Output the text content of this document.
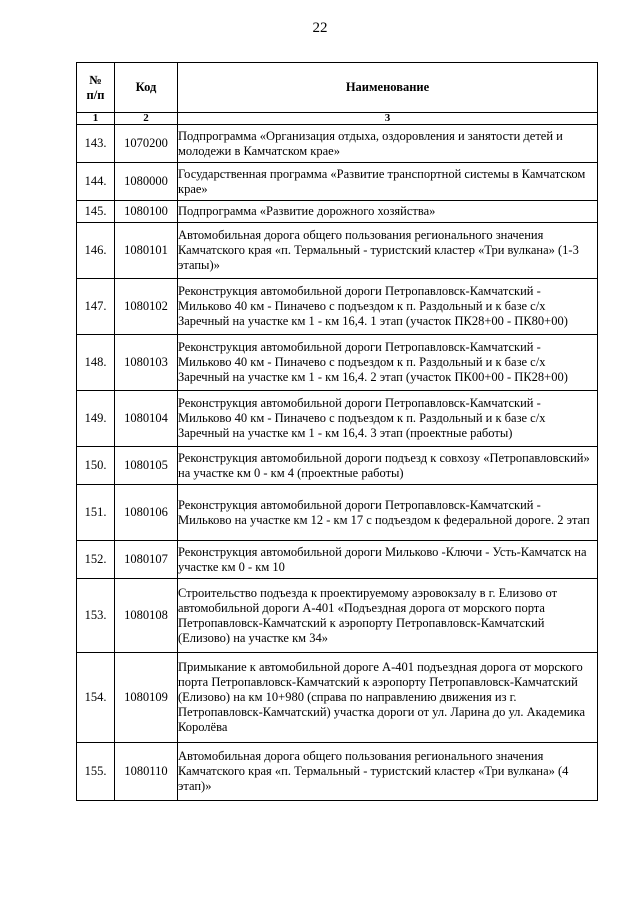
22
№
п/п	Код	Наименование
1	2	3
143.	1070200	Подпрограмма «Организация отдыха, оздоровления и занятости детей и молодежи в Камчатском крае»
144.	1080000	Государственная программа «Развитие транспортной системы в Камчатском крае»
145.	1080100	Подпрограмма «Развитие дорожного хозяйства»
146.	1080101	Автомобильная дорога общего пользования регионального значения Камчатского края «п. Термальный - туристский кластер «Три вулкана» (1-3 этапы)»
147.	1080102	Реконструкция автомобильной дороги Петропавловск-Камчатский - Мильково 40 км - Пиначево с подъездом к п. Раздольный и к базе с/х Заречный на участке км 1 - км 16,4. 1 этап (участок ПК28+00 - ПК80+00)
148.	1080103	Реконструкция автомобильной дороги Петропавловск-Камчатский - Мильково 40 км - Пиначево с подъездом к п. Раздольный и к базе с/х Заречный на участке км 1 - км 16,4. 2 этап (участок ПК00+00 - ПК28+00)
149.	1080104	Реконструкция автомобильной дороги Петропавловск-Камчатский - Мильково 40 км - Пиначево с подъездом к п. Раздольный и к базе с/х Заречный на участке км 1 - км 16,4. 3 этап (проектные работы)
150.	1080105	Реконструкция автомобильной дороги подъезд к совхозу «Петропавловский» на участке км 0 - км 4 (проектные работы)
151.	1080106	Реконструкция автомобильной дороги Петропавловск-Камчатский - Мильково на участке км 12 - км 17 с подъездом к федеральной дороге. 2 этап
152.	1080107	Реконструкция автомобильной дороги Мильково -Ключи - Усть-Камчатск на участке км 0 - км 10
153.	1080108	Строительство подъезда к проектируемому аэровокзалу в г. Елизово от автомобильной дороги А-401 «Подъездная дорога от морского порта Петропавловск-Камчатский к аэропорту Петропавловск-Камчатский (Елизово) на участке км 34»
154.	1080109	Примыкание к автомобильной дороге А-401 подъездная дорога от морского порта Петропавловск-Камчатский к аэропорту Петропавловск-Камчатский (Елизово) на км 10+980 (справа по направлению движения из г. Петропавловск-Камчатский) участка дороги от ул. Ларина до ул. Академика Королёва
155.	1080110	Автомобильная дорога общего пользования регионального значения Камчатского края «п. Термальный - туристский кластер «Три вулкана» (4 этап)»
